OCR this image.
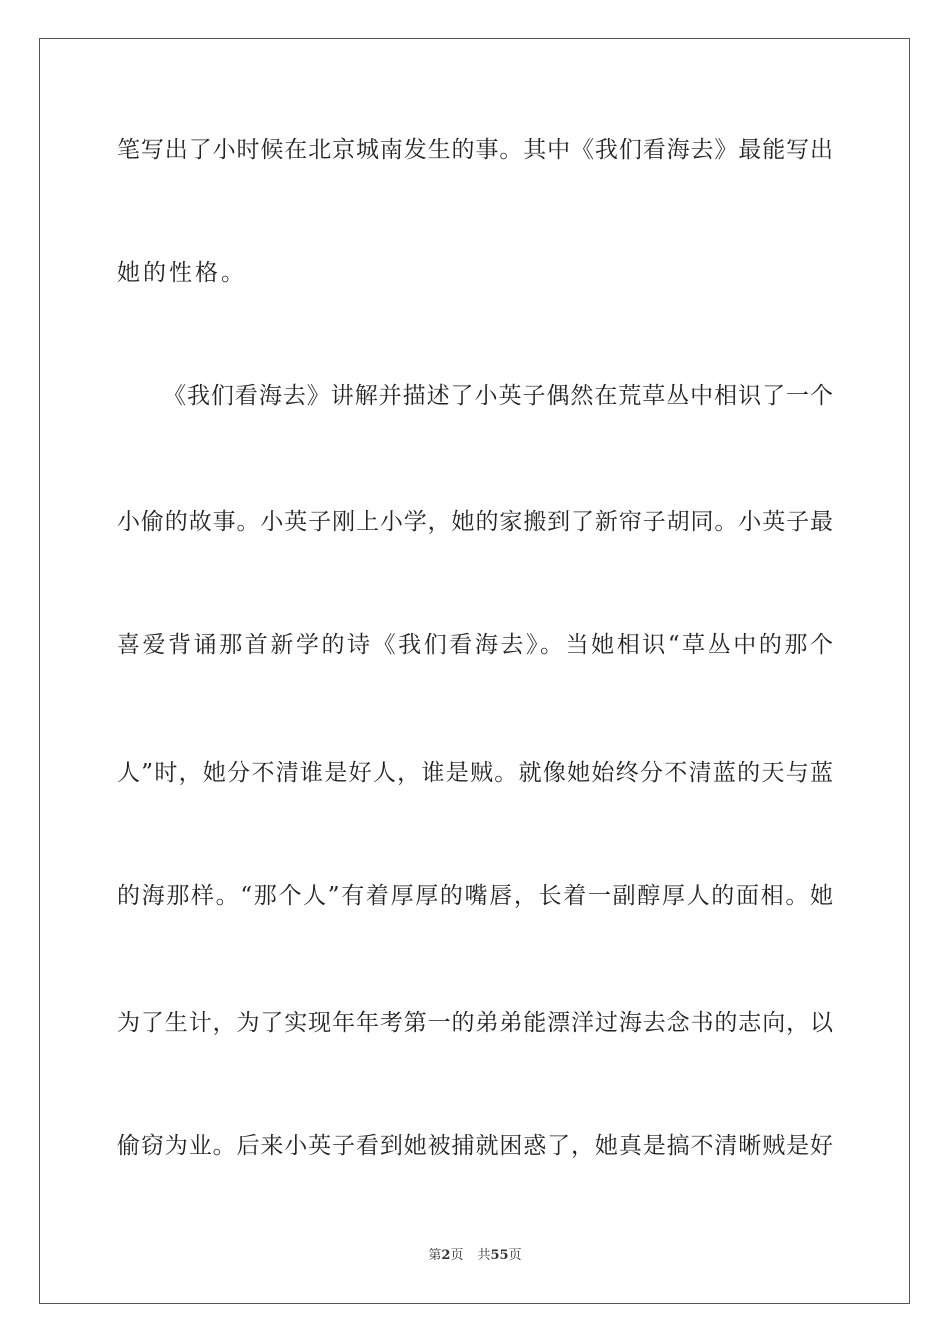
笔写出了小时候在北京城南发生的事。其中《我们看海去》最能写出
她的性格。
《我们看海去》讲解并描述了小英子偶然在荒草丛中相识了一个
小偷的故事。小英子刚上小学，她的家搬到了新帘子胡同。小英子最
喜爱背诵那首新学的诗《我们看海去》。当她相识“草丛中的那个
人”时，她分不清谁是好人，谁是贼。就像她始终分不清蓝的天与蓝
的海那样。“那个人”有着厚厚的嘴唇，长着一副醇厚人的面相。她
为了生计，为了实现年年考第一的弟弟能漂洋过海去念书的志向，以
偷窃为业。后来小英子看到她被捕就困惑了，她真是搞不清晰贼是好
第2页 共55页
